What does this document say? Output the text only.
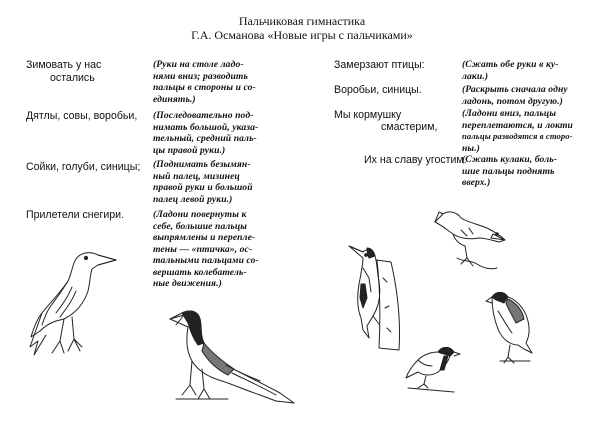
Пальчиковая гимнастика
Г.А. Османова «Новые игры с пальчиками»
Зимовать у нас
остались
Дятлы, совы, воробьи,
Сойки, голуби, синицы;
Прилетели снегири.
(Руки на столе ладо-
нями вниз; разводить
пальцы в стороны и со-
единять.)
(Последовательно под-
нимать большой, указа-
тельный, средний паль-
цы правой руки.)
(Поднимать безымян-
ный палец, мизинец
правой руки и большой
палец левой руки.)
(Ладони повернуты к
себе, большие пальцы
выпрямлены и перепле-
тены — «птичка», ос-
тальными пальцами со-
вершать колебатель-
ные движения.)
Замерзают птицы:
Воробьи, синицы.
Мы кормушку
смастерим,
Их на славу угостим.
(Сжать обе руки в ку-
лаки.)
(Раскрыть сначала одну
ладонь, потом другую.)
(Ладони вниз, пальцы
переплетаются, и локти
пальцы разводятся в сторо-
ны.)
(Сжать кулаки, боль-
шие пальцы поднять
вверх.)
